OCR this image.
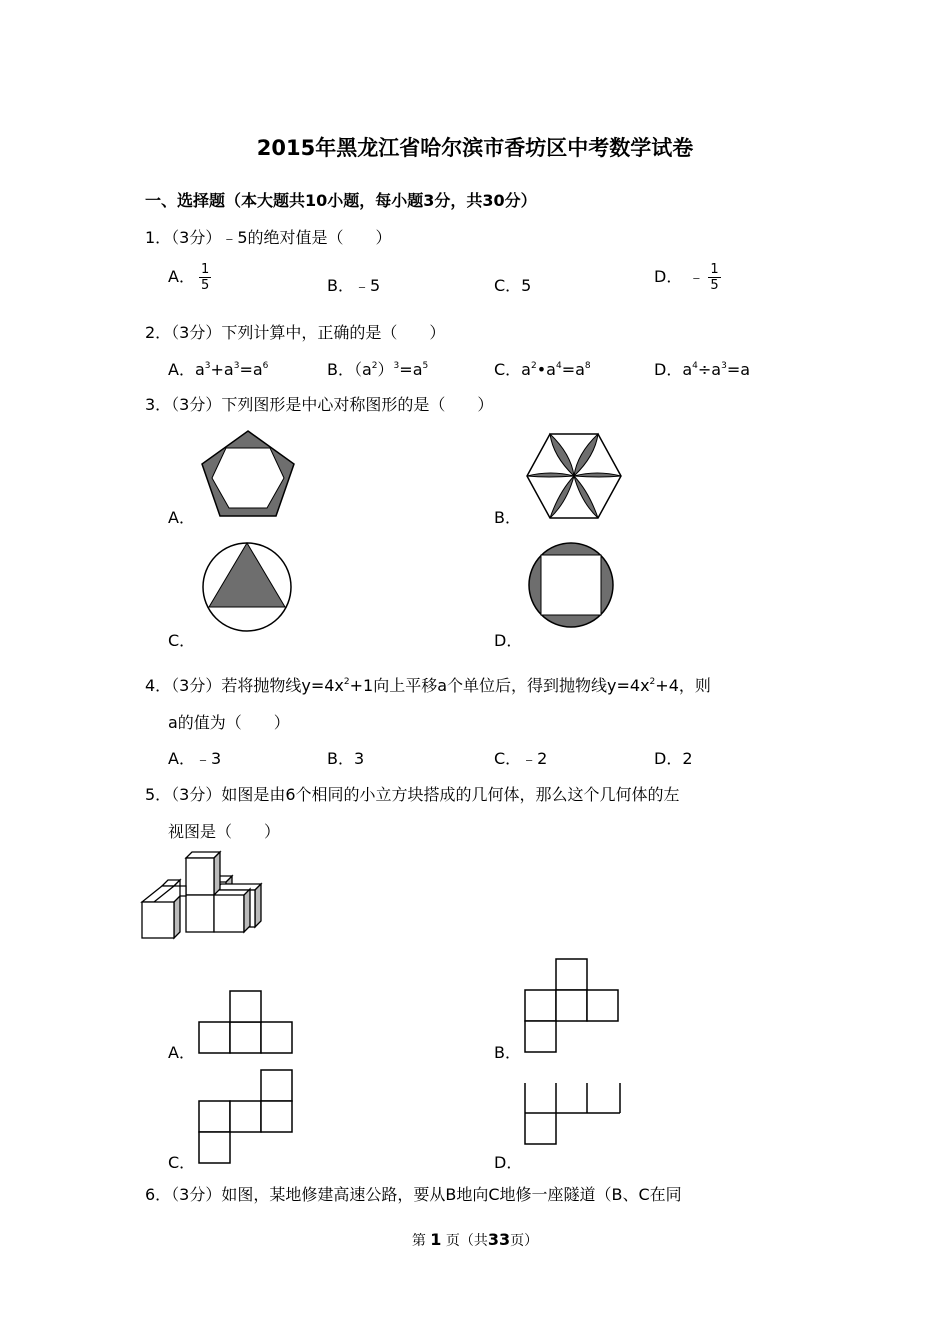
2015年黑龙江省哈尔滨市香坊区中考数学试卷
一、选择题（本大题共10小题，每小题3分，共30分）
1．（3分）﹣5的绝对值是（　　）
A． $\frac{1}{5}$	B．﹣5	C．5	D． ﹣ $\frac{1}{5}$
2．（3分）下列计算中，正确的是（　　）
A．$a^3+a^3=a^6$	B．$(a^2)^3=a^5$	C．$a^2•a^4=a^8$	D．$a^4\div a^3=a$
3．（3分）下列图形是中心对称图形的是（　　）
A．	B．
C．	D．
4．（3分）若将抛物线$y=4x^2+1$向上平移a个单位后，得到抛物线$y=4x^2+4$，则
a的值为（　　）
A．﹣3	B．3	C．﹣2	D．2
5．（3分）如图是由6个相同的小立方块搭成的几何体，那么这个几何体的左
视图是（　　）
A．	B．
C．	D．
6．（3分）如图，某地修建高速公路，要从B地向C地修一座隧道（B、C在同
第 1 页（共33页）
